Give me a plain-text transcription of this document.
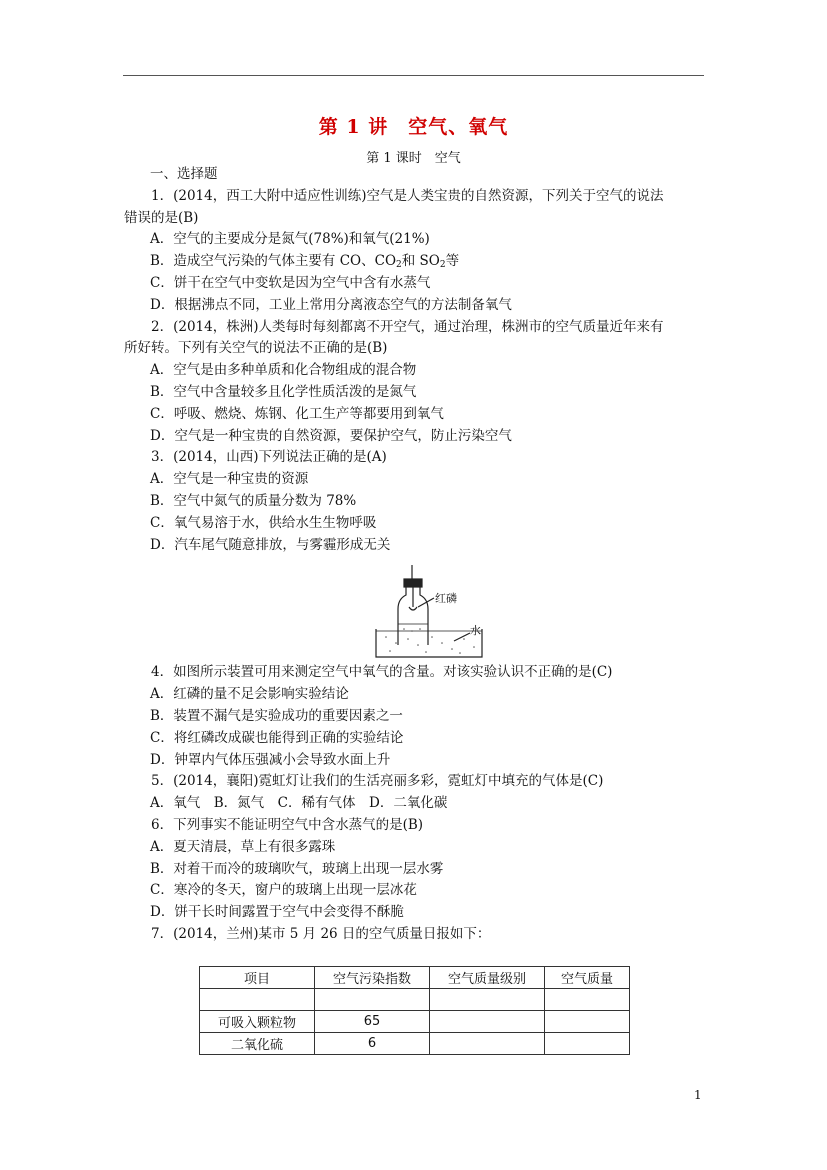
第 1 讲　空气、氧气
第 1 课时　空气
一、选择题
1．(2014，西工大附中适应性训练)空气是人类宝贵的自然资源，下列关于空气的说法
错误的是(B)
A．空气的主要成分是氮气(78%)和氧气(21%)
B．造成空气污染的气体主要有 CO、$CO_2$和 $SO_2$等
C．饼干在空气中变软是因为空气中含有水蒸气
D．根据沸点不同，工业上常用分离液态空气的方法制备氧气
2．(2014，株洲)人类每时每刻都离不开空气，通过治理，株洲市的空气质量近年来有
所好转。下列有关空气的说法不正确的是(B)
A．空气是由多种单质和化合物组成的混合物
B．空气中含量较多且化学性质活泼的是氮气
C．呼吸、燃烧、炼钢、化工生产等都要用到氧气
D．空气是一种宝贵的自然资源，要保护空气，防止污染空气
3．(2014，山西)下列说法正确的是(A)
A．空气是一种宝贵的资源
B．空气中氮气的质量分数为 78%
C．氧气易溶于水，供给水生生物呼吸
D．汽车尾气随意排放，与雾霾形成无关
4．如图所示装置可用来测定空气中氧气的含量。对该实验认识不正确的是(C)
A．红磷的量不足会影响实验结论
B．装置不漏气是实验成功的重要因素之一
C．将红磷改成碳也能得到正确的实验结论
D．钟罩内气体压强减小会导致水面上升
5．(2014，襄阳)霓虹灯让我们的生活亮丽多彩，霓虹灯中填充的气体是(C)
A．氧气　B．氮气　C．稀有气体　D．二氧化碳
6．下列事实不能证明空气中含水蒸气的是(B)
A．夏天清晨，草上有很多露珠
B．对着干而冷的玻璃吹气，玻璃上出现一层水雾
C．寒冷的冬天，窗户的玻璃上出现一层冰花
D．饼干长时间露置于空气中会变得不酥脆
7．(2014，兰州)某市 5 月 26 日的空气质量日报如下：
红磷
水
项目	空气污染指数	空气质量级别	空气质量

可吸入颗粒物	65		
二氧化硫	6		
1
